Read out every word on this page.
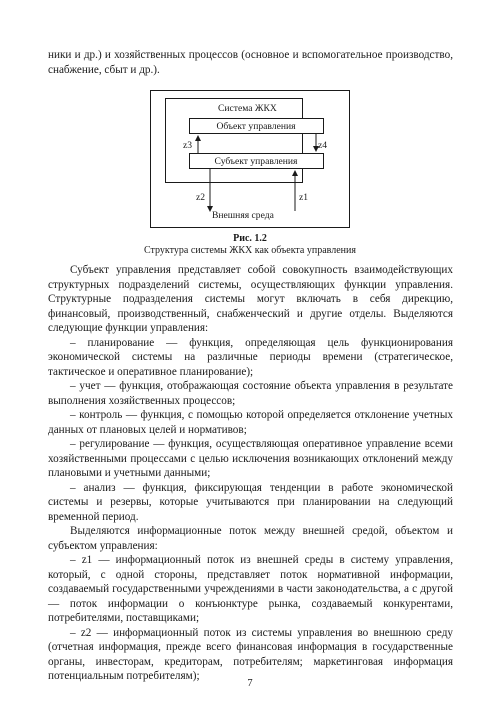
ники и др.) и хозяйственных процессов (основное и вспомогательное производство, снабжение, сбыт и др.).

Система ЖКХ
Объект управления
Субъект управления
z3	z4
z2	z1
Внешняя среда
Рис. 1.2
Структура системы ЖКХ как объекта управления

Субъект управления представляет собой совокупность взаимодействующих структурных подразделений системы, осуществляющих функции управления. Структурные подразделения системы могут включать в себя дирекцию, финансовый, производственный, снабженческий и другие отделы. Выделяются следующие функции управления:

– планирование — функция, определяющая цель функционирования экономической системы на различные периоды времени (стратегическое, тактическое и оперативное планирование);

– учет — функция, отображающая состояние объекта управления в результате выполнения хозяйственных процессов;

– контроль — функция, с помощью которой определяется отклонение учетных данных от плановых целей и нормативов;

– регулирование — функция, осуществляющая оперативное управление всеми хозяйственными процессами с целью исключения возникающих отклонений между плановыми и учетными данными;

– анализ — функция, фиксирующая тенденции в работе экономической системы и резервы, которые учитываются при планировании на следующий временной период.

Выделяются информационные поток между внешней средой, объектом и субъектом управления:

– z1 — информационный поток из внешней среды в систему управления, который, с одной стороны, представляет поток нормативной информации, создаваемый государственными учреждениями в части законодательства, а с другой — поток информации о конъюнктуре рынка, создаваемый конкурентами, потребителями, поставщиками;

– z2 — информационный поток из системы управления во внешнюю среду (отчетная информация, прежде всего финансовая информация в государственные органы, инвесторам, кредиторам, потребителям; маркетинговая информация потенциальным потребителям);

7
